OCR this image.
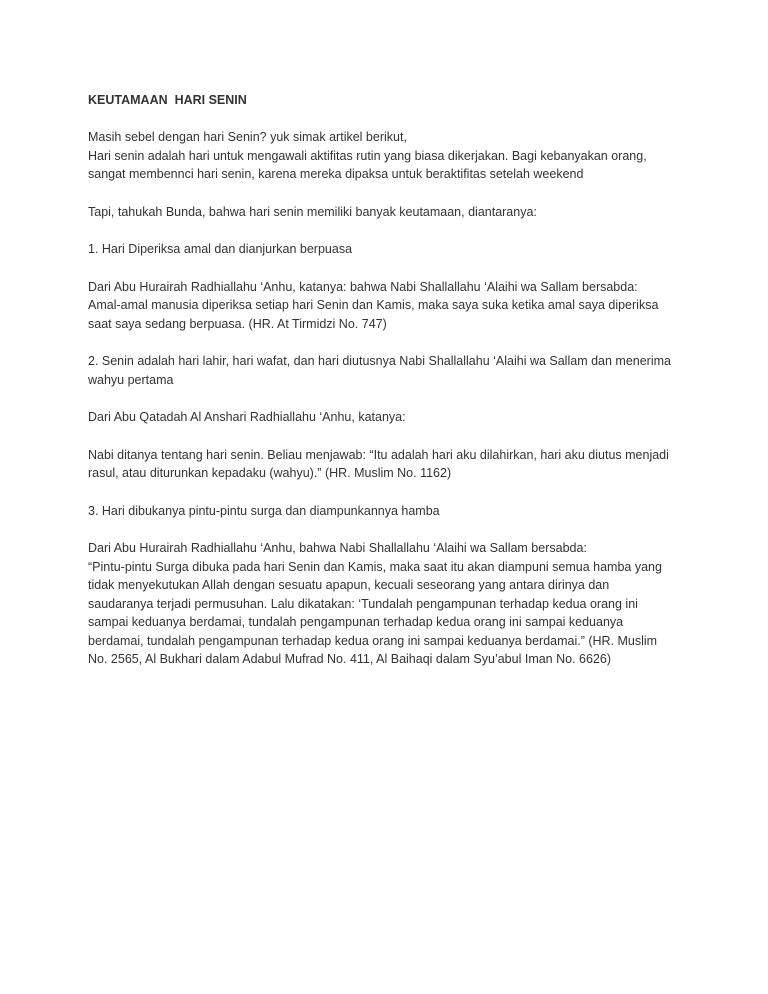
KEUTAMAAN  HARI SENIN
Masih sebel dengan hari Senin? yuk simak artikel berikut,
Hari senin adalah hari untuk mengawali aktifitas rutin yang biasa dikerjakan. Bagi kebanyakan orang,
sangat membennci hari senin, karena mereka dipaksa untuk beraktifitas setelah weekend
Tapi, tahukah Bunda, bahwa hari senin memiliki banyak keutamaan, diantaranya:
1. Hari Diperiksa amal dan dianjurkan berpuasa
Dari Abu Hurairah Radhiallahu ‘Anhu, katanya: bahwa Nabi Shallallahu ‘Alaihi wa Sallam bersabda:
Amal-amal manusia diperiksa setiap hari Senin dan Kamis, maka saya suka ketika amal saya diperiksa
saat saya sedang berpuasa. (HR. At Tirmidzi No. 747)
2. Senin adalah hari lahir, hari wafat, dan hari diutusnya Nabi Shallallahu ‘Alaihi wa Sallam dan menerima
wahyu pertama
Dari Abu Qatadah Al Anshari Radhiallahu ‘Anhu, katanya:
Nabi ditanya tentang hari senin. Beliau menjawab: “Itu adalah hari aku dilahirkan, hari aku diutus menjadi
rasul, atau diturunkan kepadaku (wahyu).” (HR. Muslim No. 1162)
3. Hari dibukanya pintu-pintu surga dan diampunkannya hamba
Dari Abu Hurairah Radhiallahu ‘Anhu, bahwa Nabi Shallallahu ‘Alaihi wa Sallam bersabda:
“Pintu-pintu Surga dibuka pada hari Senin dan Kamis, maka saat itu akan diampuni semua hamba yang
tidak menyekutukan Allah dengan sesuatu apapun, kecuali seseorang yang antara dirinya dan
saudaranya terjadi permusuhan. Lalu dikatakan: ‘Tundalah pengampunan terhadap kedua orang ini
sampai keduanya berdamai, tundalah pengampunan terhadap kedua orang ini sampai keduanya
berdamai, tundalah pengampunan terhadap kedua orang ini sampai keduanya berdamai.” (HR. Muslim
No. 2565, Al Bukhari dalam Adabul Mufrad No. 411, Al Baihaqi dalam Syu’abul Iman No. 6626)
